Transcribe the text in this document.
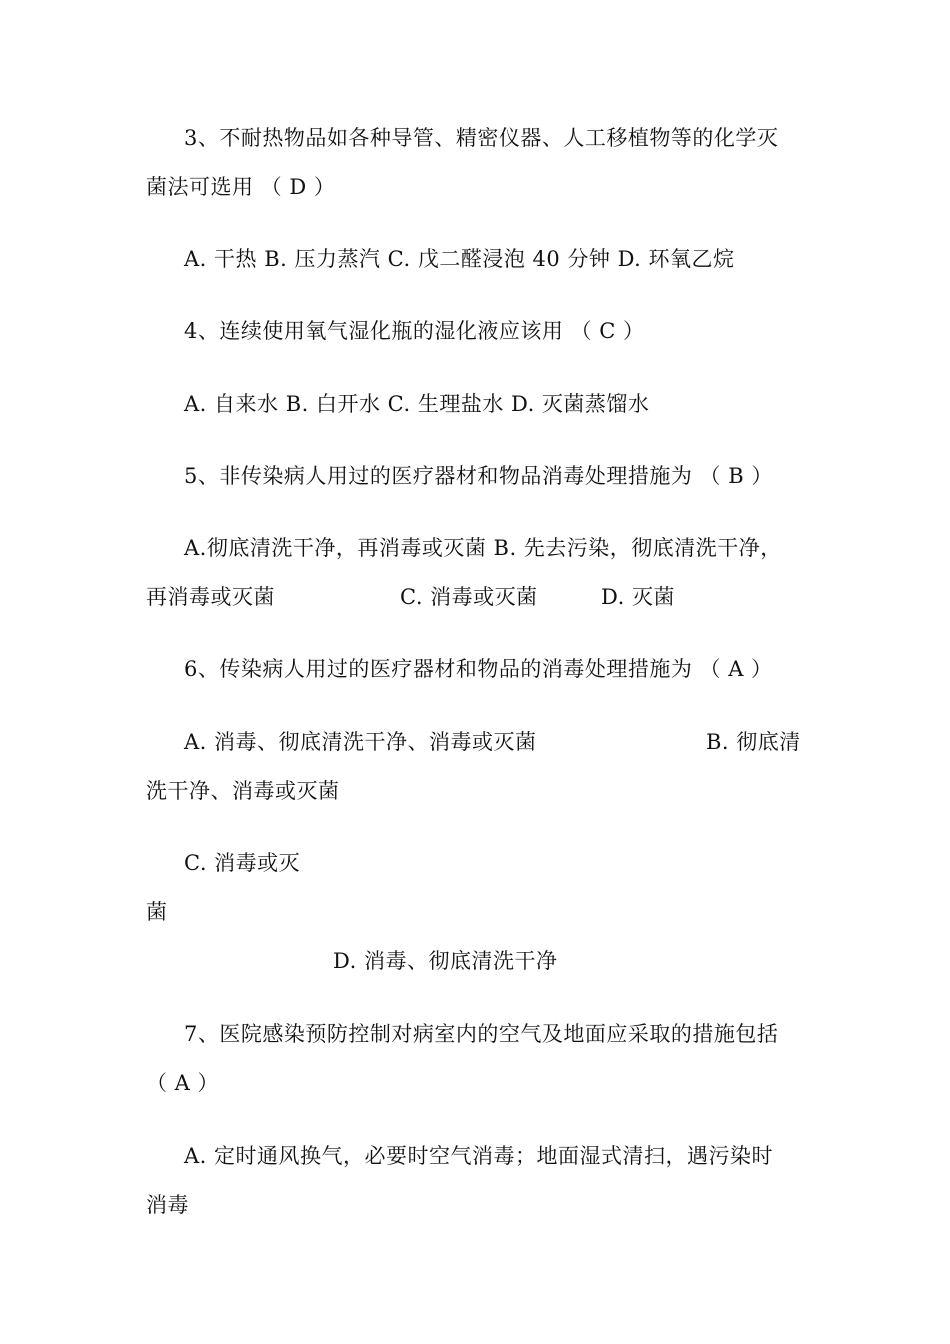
3、不耐热物品如各种导管、精密仪器、人工移植物等的化学灭
菌法可选用 （ D ）
A. 干热 B. 压力蒸汽 C. 戊二醛浸泡 40 分钟 D. 环氧乙烷
4、连续使用氧气湿化瓶的湿化液应该用 （ C ）
A. 自来水 B. 白开水 C. 生理盐水 D. 灭菌蒸馏水
5、非传染病人用过的医疗器材和物品消毒处理措施为 （ B ）
A.彻底清洗干净，再消毒或灭菌 B. 先去污染，彻底清洗干净，
再消毒或灭菌	C. 消毒或灭菌	D. 灭菌
6、传染病人用过的医疗器材和物品的消毒处理措施为 （ A ）
A. 消毒、彻底清洗干净、消毒或灭菌	B. 彻底清
洗干净、消毒或灭菌
C. 消毒或灭
菌
D. 消毒、彻底清洗干净
7、医院感染预防控制对病室内的空气及地面应采取的措施包括
（ A ）
A. 定时通风换气，必要时空气消毒；地面湿式清扫，遇污染时
消毒
